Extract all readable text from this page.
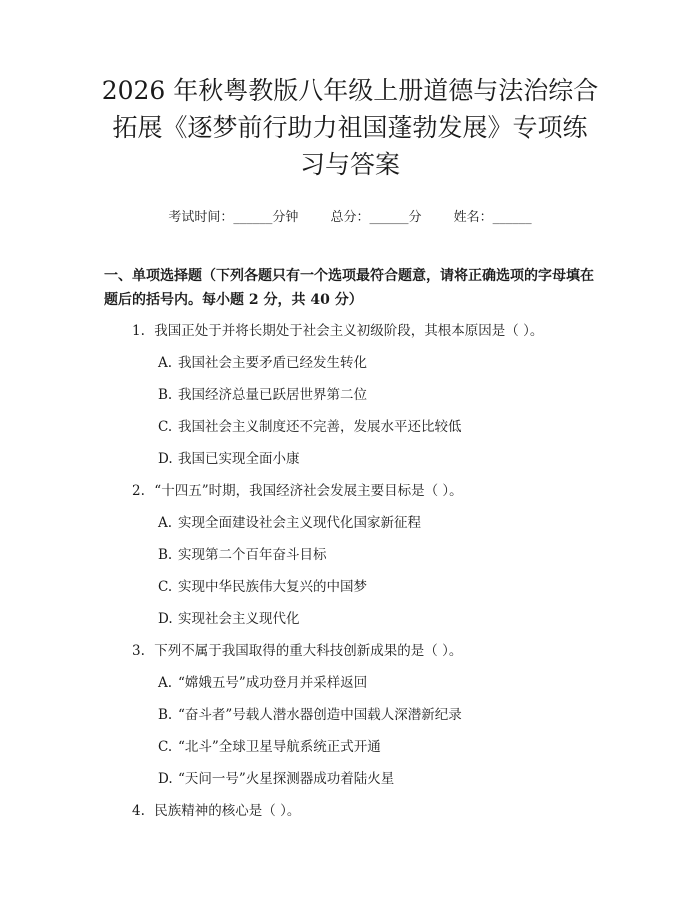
2026 年秋粤教版八年级上册道德与法治综合
拓展《逐梦前行助力祖国蓬勃发展》专项练
习与答案
考试时间：______分钟 总分：______分 姓名：______
一、单项选择题（下列各题只有一个选项最符合题意，请将正确选项的字母填在
题后的括号内。每小题 2 分，共 40 分）
1. 我国正处于并将长期处于社会主义初级阶段，其根本原因是（ ）。
A. 我国社会主要矛盾已经发生转化
B. 我国经济总量已跃居世界第二位
C. 我国社会主义制度还不完善，发展水平还比较低
D. 我国已实现全面小康
2. “十四五”时期，我国经济社会发展主要目标是（ ）。
A. 实现全面建设社会主义现代化国家新征程
B. 实现第二个百年奋斗目标
C. 实现中华民族伟大复兴的中国梦
D. 实现社会主义现代化
3. 下列不属于我国取得的重大科技创新成果的是（ ）。
A. “嫦娥五号”成功登月并采样返回
B. “奋斗者”号载人潜水器创造中国载人深潜新纪录
C. “北斗”全球卫星导航系统正式开通
D. “天问一号”火星探测器成功着陆火星
4. 民族精神的核心是（ ）。
